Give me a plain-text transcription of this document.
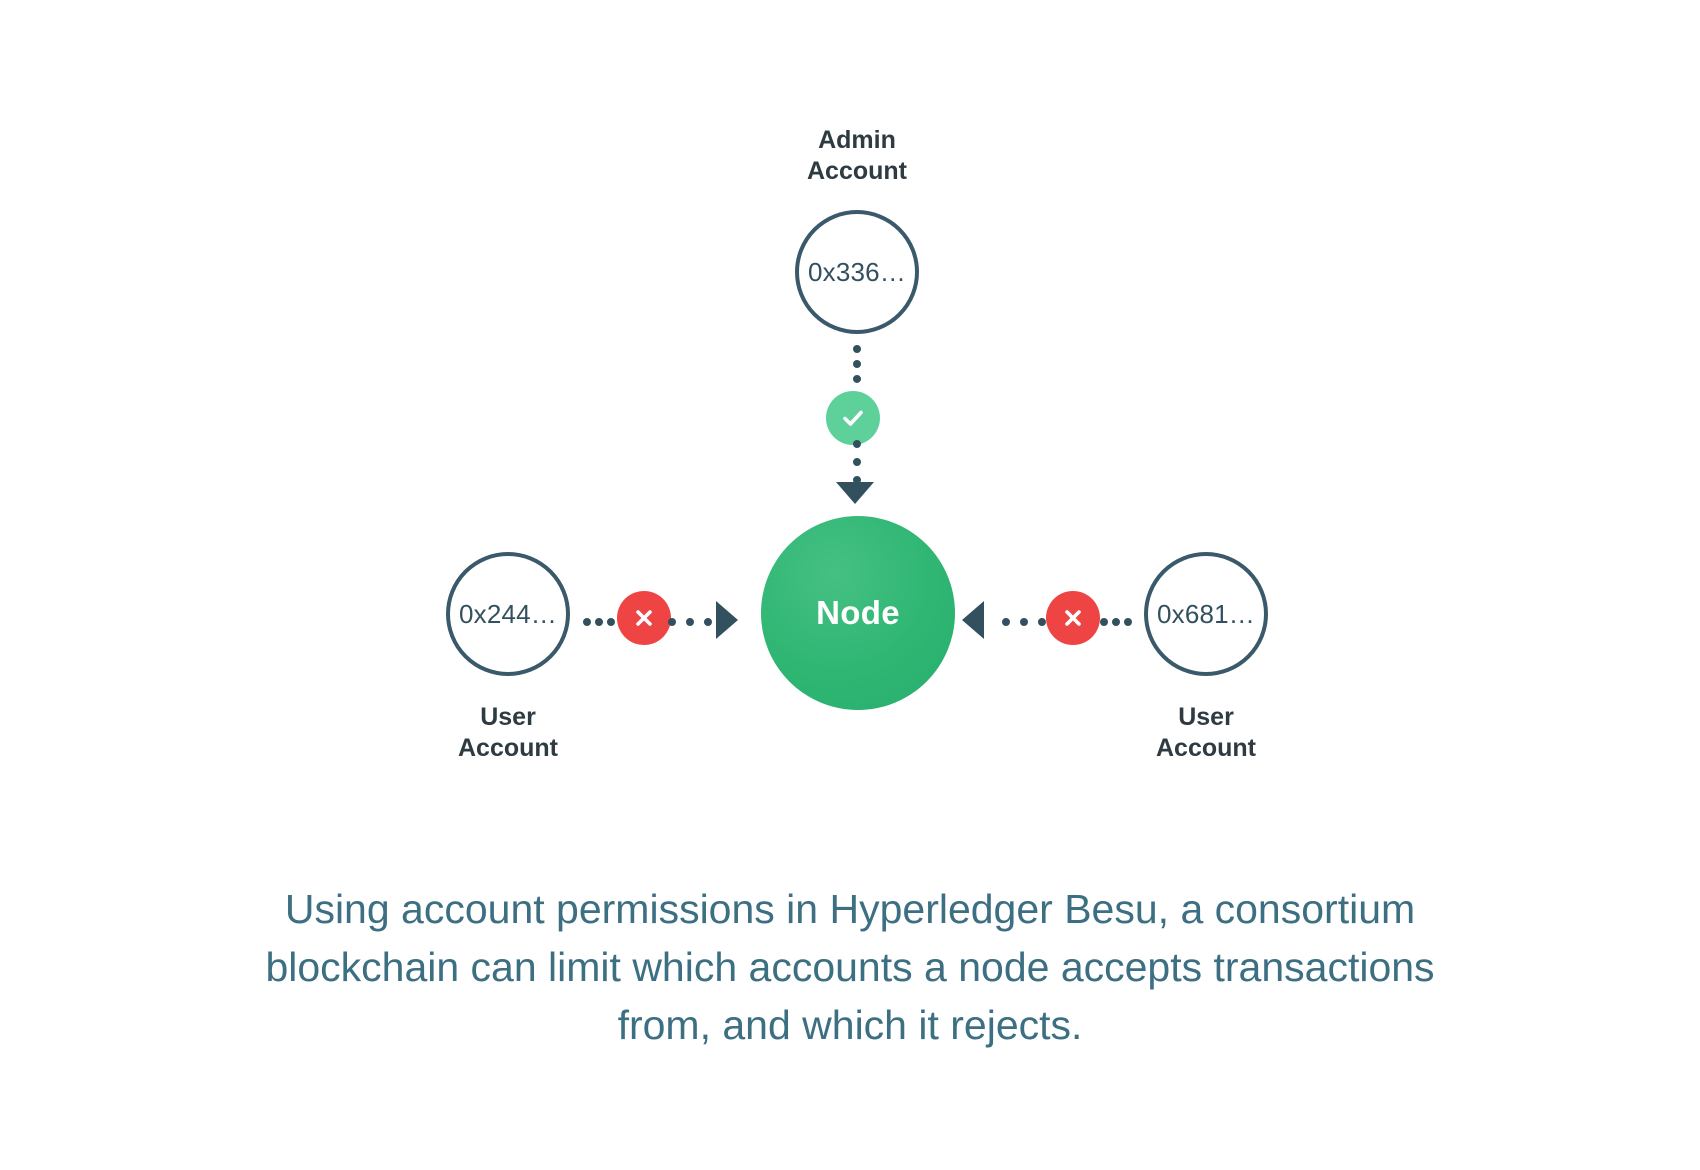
Admin
Account
0x336…
0x244…
User
Account
Node	0x681…
User
Account
Using account permissions in Hyperledger Besu, a consortium blockchain can limit which accounts a node accepts transactions from, and which it rejects.
